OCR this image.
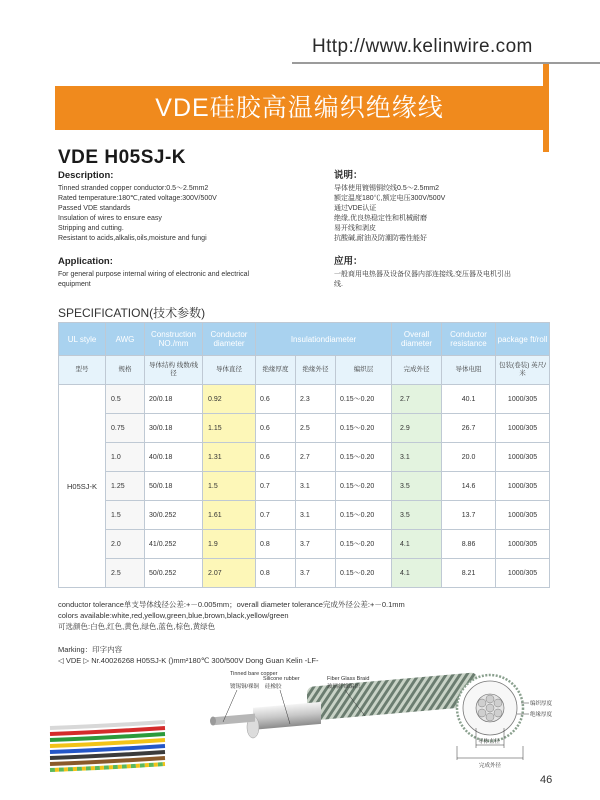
Http://www.kelinwire.com
VDE硅胶高温编织绝缘线
VDE H05SJ-K
Description:
Tinned stranded copper conductor:0.5～2.5mm2
Rated temperature:180℃,rated voltage:300V/500V
Passed VDE standards
Insulation of wires to ensure easy
Stripping and cutting.
Resistant to acids,alkalis,oils,moisture and fungi
说明：
导体使用镀锡铜绞线0.5～2.5mm2
额定温度180℃,额定电压300V/500V
通过VDE认证
绝缘,优良热稳定性和机械耐磨
易开线和剥皮
抗酸碱,耐油及防潮防霉性能好
Application:
For general purpose internal wiring of electronic and electrical
equipment
应用：
一般商用电热器及设备仪器内部连接线,变压器及电机引出
线.
SPECIFICATION(技术参数)
UL style	AWG	Construction NO./mm	Conductor diameter	Insulationdiameter			Overall diameter	Conductor resistance	package ft/roll
型号	规格	导体结构 线数/线径	导体直径	绝缘厚度	绝缘外径	编织层	完成外径	导体电阻	包装(卷装) 英尺/米
H05SJ-K	0.5	20/0.18	0.92	0.6	2.3	0.15～0.20	2.7	40.1	1000/305
	0.75	30/0.18	1.15	0.6	2.5	0.15～0.20	2.9	26.7	1000/305
	1.0	40/0.18	1.31	0.6	2.7	0.15～0.20	3.1	20.0	1000/305
	1.25	50/0.18	1.5	0.7	3.1	0.15～0.20	3.5	14.6	1000/305
	1.5	30/0.252	1.61	0.7	3.1	0.15～0.20	3.5	13.7	1000/305
	2.0	41/0.252	1.9	0.8	3.7	0.15～0.20	4.1	8.86	1000/305
	2.5	50/0.252	2.07	0.8	3.7	0.15～0.20	4.1	8.21	1000/305
conductor tolerance单支导体线径公差:+－0.005mm；overall diameter tolerance完成外径公差:+－0.1mm
colors available:white,red,yellow,green,blue,brown,black,yellow/green
可选颜色:白色,红色,黄色,绿色,蓝色,棕色,黄绿色
Marking：印字内容
◁ VDE ▷ Nr.40026268 H05SJ-K ()mm²180℃ 300/500V Dong Guan Kelin -LF-
Tinned bare copper
镀锡铜/裸铜
Silicone rubber
硅橡胶
Fiber Glass Braid
玻璃纤维编织
编织厚度
绝缘厚度
导体直径
完成外径
46
